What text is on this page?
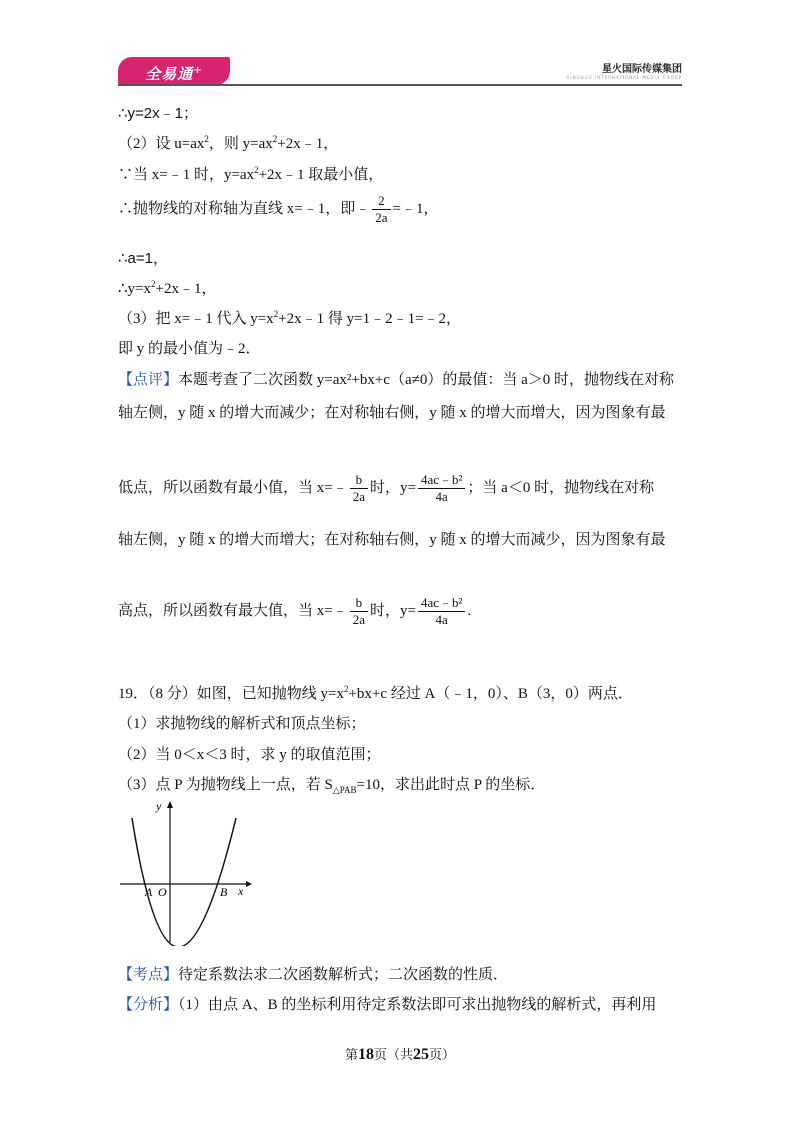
全易通+	星火国际传媒集团
XINGHUO INTERNATIONAL MEDIA GROUP
∴y=2x﹣1；
（2）设 $u=ax^2$，则 $y=ax^2+2x﹣1$，
∵当 x=﹣1 时，$y=ax^2+2x﹣1$ 取最小值，
∴抛物线的对称轴为直线 x=﹣1，即﹣ $\frac{2}{2a}$ =﹣1，
∴a=1，
$\therefore y=x^2+2x﹣1$，
（3）把 x=﹣1 代入 $y=x^2+2x﹣1$ 得 y=1﹣2﹣1=﹣2，
即 y 的最小值为﹣2．
【点评】本题考查了二次函数 y=ax²+bx+c（a≠0）的最值：当 a＞0 时，抛物线在对称
轴左侧，y 随 x 的增大而减少；在对称轴右侧，y 随 x 的增大而增大，因为图象有最
低点，所以函数有最小值，当 x=﹣ $\frac{b}{2a}$ 时，$y= \frac{\text{4ac﹣b²}}{4a}$ ；当 a＜0 时，抛物线在对称
轴左侧，y 随 x 的增大而增大；在对称轴右侧，y 随 x 的增大而减少，因为图象有最
高点，所以函数有最大值，当 x=﹣ $\frac{b}{2a}$ 时，$y= \frac{\text{4ac﹣b²}}{4a}$ .
19．（8 分）如图，已知抛物线 $y=x^2+bx+c$ 经过 A（﹣1，0）、B（3，0）两点．
（1）求抛物线的解析式和顶点坐标；
（2）当 0＜x＜3 时，求 y 的取值范围；
（3）点 P 为抛物线上一点，若 $S_{\triangle PAB}=10$，求出此时点 P 的坐标．
y
x
A O	B
【考点】待定系数法求二次函数解析式；二次函数的性质．
【分析】（1）由点 A、B 的坐标利用待定系数法即可求出抛物线的解析式，再利用
第18页（共25页）
